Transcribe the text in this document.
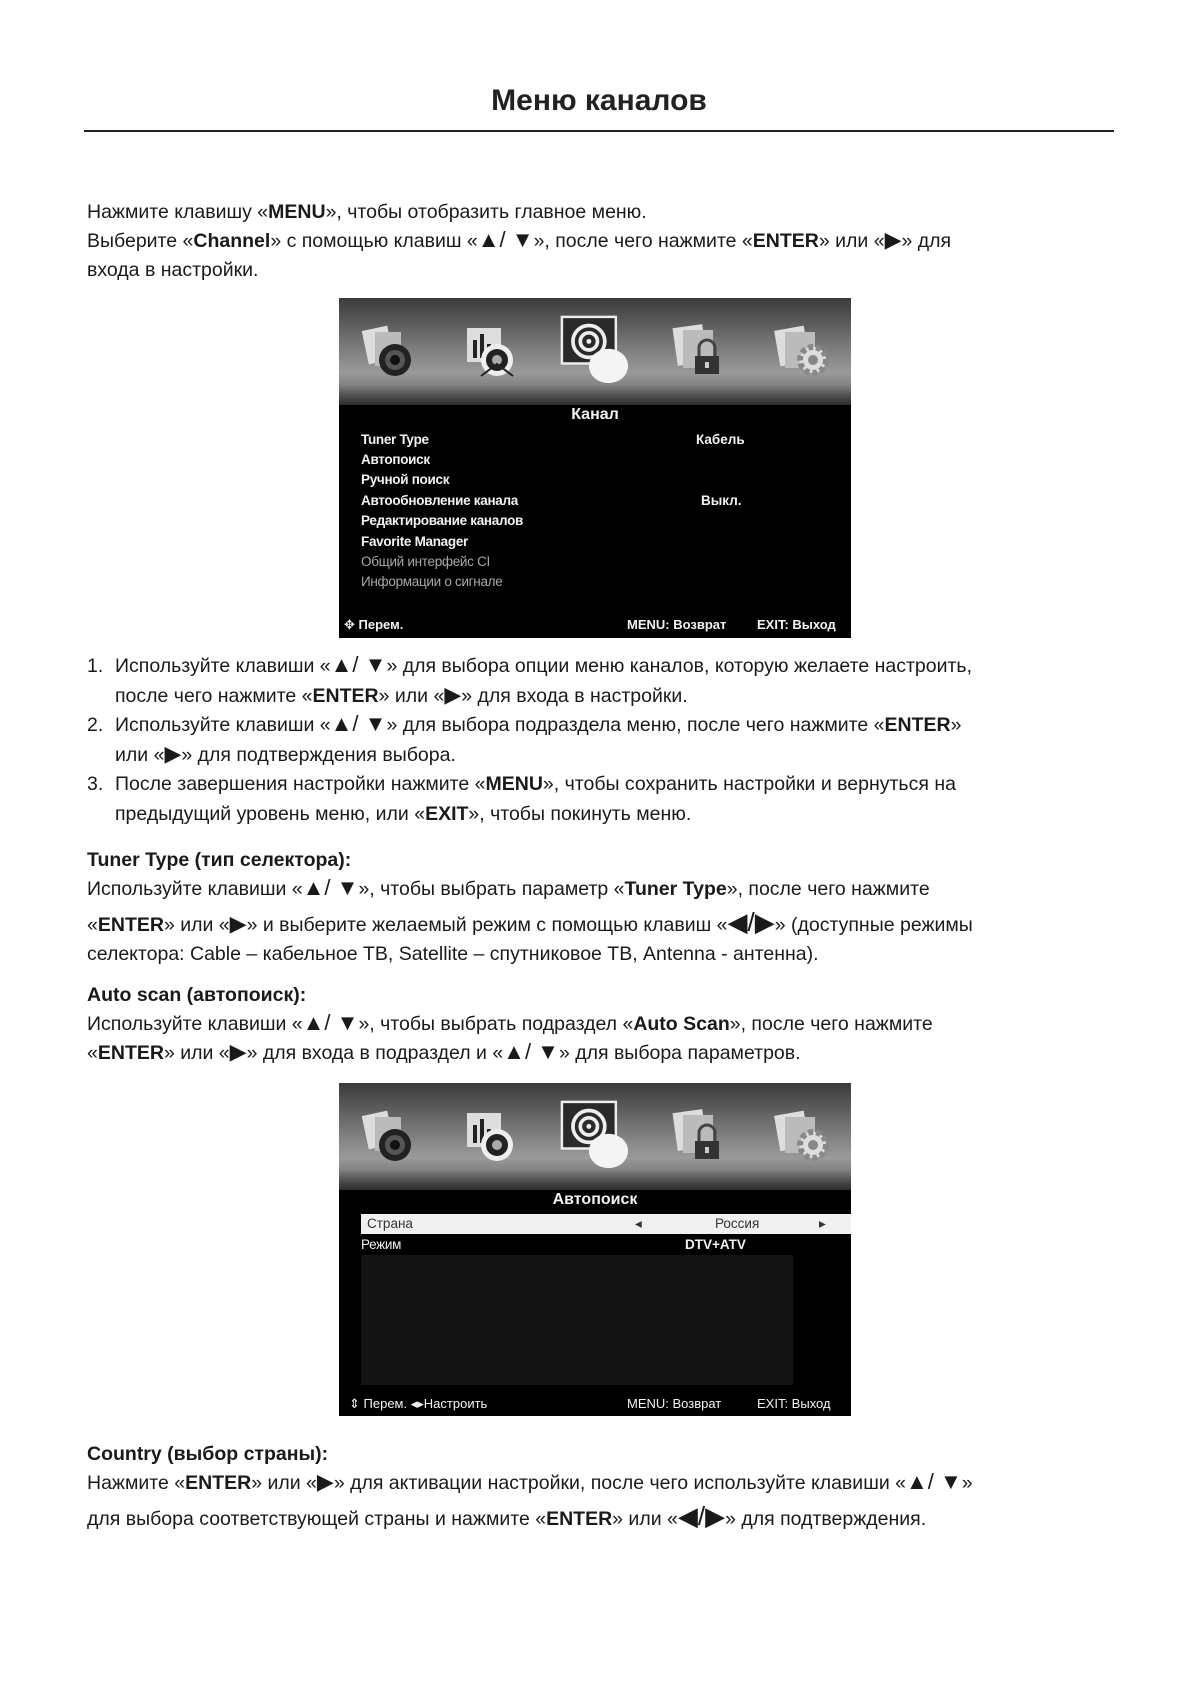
Меню каналов
Нажмите клавишу «MENU», чтобы отобразить главное меню.
Выберите «Channel» с помощью клавиш «▲/ ▼», после чего нажмите «ENTER» или «▶» для
входа в настройки.
Канал
Tuner Type	Кабель
Автопоиск
Ручной поиск
Автообновление канала	Выкл.
Редактирование каналов
Favorite Manager
Общий интерфейс CI
Информации о сигнале
✥ Перем.	MENU: Возврат EXIT: Выход
1. Используйте клавиши «▲/ ▼» для выбора опции меню каналов, которую желаете настроить,
после чего нажмите «ENTER» или «▶» для входа в настройки.
2. Используйте клавиши «▲/ ▼» для выбора подраздела меню, после чего нажмите «ENTER»
или «▶» для подтверждения выбора.
3. После завершения настройки нажмите «MENU», чтобы сохранить настройки и вернуться на
предыдущий уровень меню, или «EXIT», чтобы покинуть меню.
Tuner Type (тип селектора):
Используйте клавиши «▲/ ▼», чтобы выбрать параметр «Tuner Type», после чего нажмите
«ENTER» или «▶» и выберите желаемый режим с помощью клавиш «◀/▶» (доступные режимы
селектора: Cable – кабельное ТВ, Satellite – спутниковое ТВ, Antenna - антенна).
Auto scan (автопоиск):
Используйте клавиши «▲/ ▼», чтобы выбрать подраздел «Auto Scan», после чего нажмите
«ENTER» или «▶» для входа в подраздел и «▲/ ▼» для выбора параметров.
Автопоиск
Страна	◂	Россия	▸
Режим	DTV+ATV
⇕ Перем. ◂▸Настроить	MENU: Возврат	EXIT: Выход
Country (выбор страны):
Нажмите «ENTER» или «▶» для активации настройки, после чего используйте клавиши «▲/ ▼»
для выбора соответствующей страны и нажмите «ENTER» или «◀/▶» для подтверждения.
